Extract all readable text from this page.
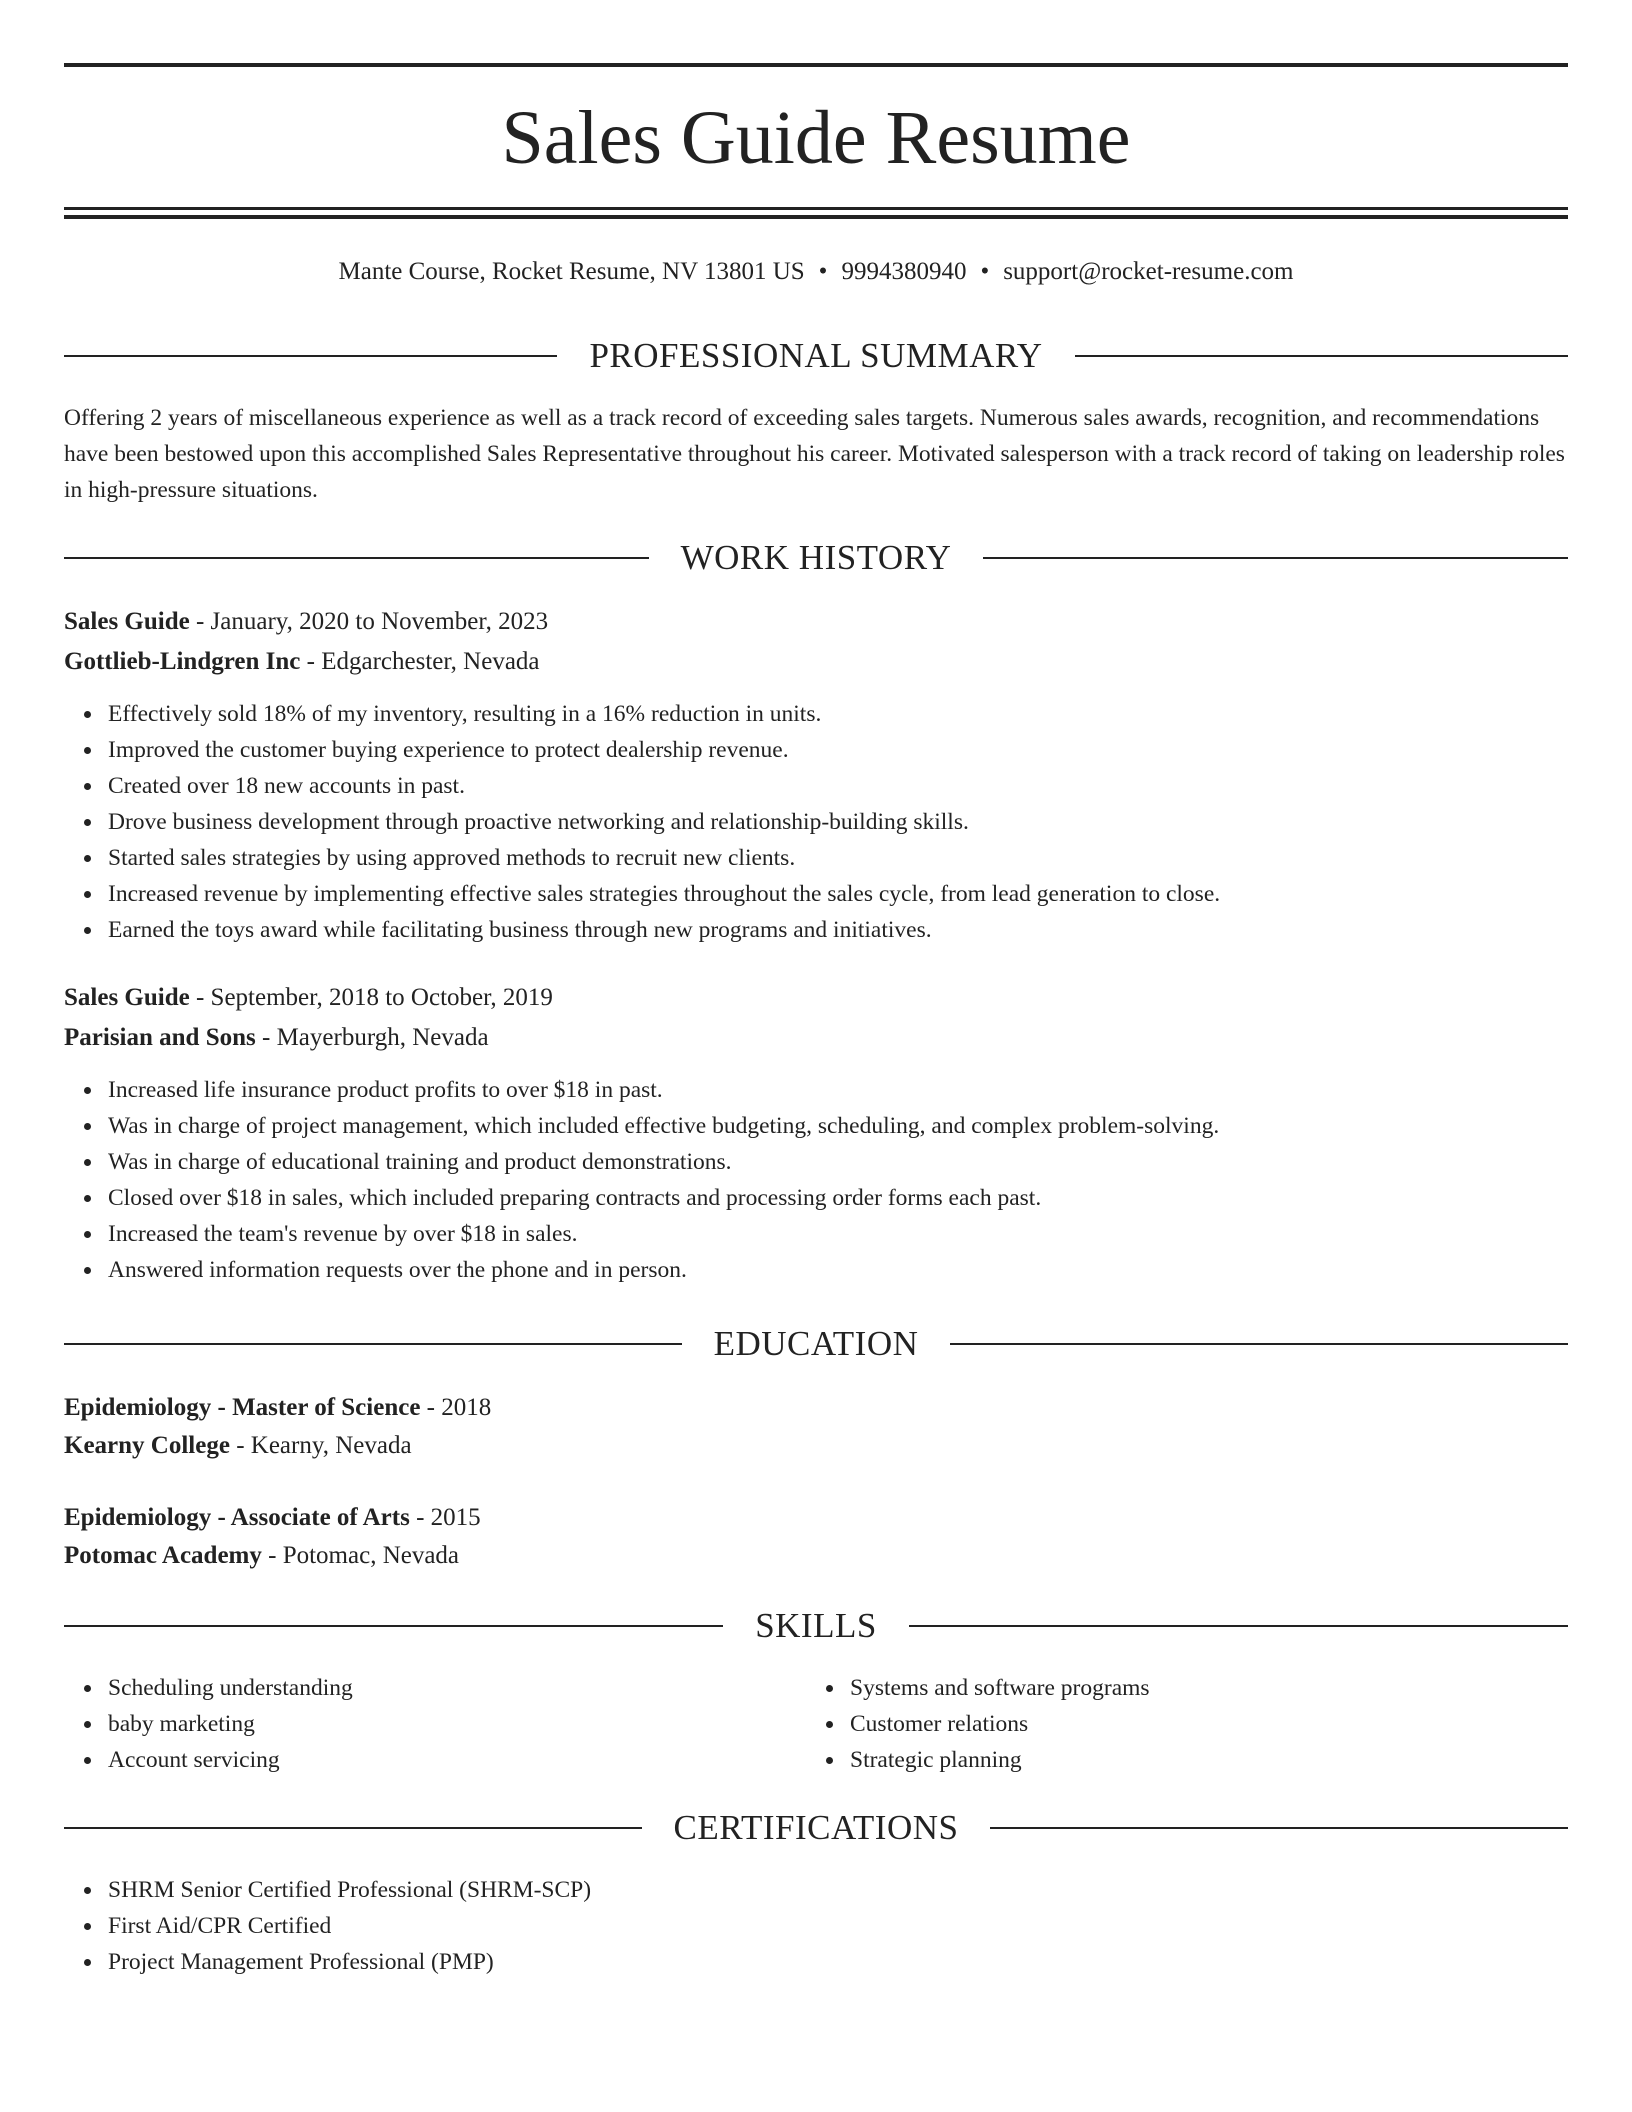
Sales Guide Resume
Mante Course, Rocket Resume, NV 13801 US • 9994380940 • support@rocket-resume.com
PROFESSIONAL SUMMARY

Offering 2 years of miscellaneous experience as well as a track record of exceeding sales targets. Numerous sales awards, recognition, and recommendations have been bestowed upon this accomplished Sales Representative throughout his career. Motivated salesperson with a track record of taking on leadership roles in high-pressure situations.

WORK HISTORY
Sales Guide - January, 2020 to November, 2023
Gottlieb-Lindgren Inc - Edgarchester, Nevada
Effectively sold 18% of my inventory, resulting in a 16% reduction in units.
Improved the customer buying experience to protect dealership revenue.
Created over 18 new accounts in past.
Drove business development through proactive networking and relationship-building skills.
Started sales strategies by using approved methods to recruit new clients.
Increased revenue by implementing effective sales strategies throughout the sales cycle, from lead generation to close.
Earned the toys award while facilitating business through new programs and initiatives.
Sales Guide - September, 2018 to October, 2019
Parisian and Sons - Mayerburgh, Nevada
Increased life insurance product profits to over $18 in past.
Was in charge of project management, which included effective budgeting, scheduling, and complex problem-solving.
Was in charge of educational training and product demonstrations.
Closed over $18 in sales, which included preparing contracts and processing order forms each past.
Increased the team's revenue by over $18 in sales.
Answered information requests over the phone and in person.
EDUCATION
Epidemiology - Master of Science - 2018
Kearny College - Kearny, Nevada
Epidemiology - Associate of Arts - 2015
Potomac Academy - Potomac, Nevada
SKILLS
Scheduling understanding
baby marketing
Account servicing
Systems and software programs
Customer relations
Strategic planning
CERTIFICATIONS
SHRM Senior Certified Professional (SHRM-SCP)
First Aid/CPR Certified
Project Management Professional (PMP)
